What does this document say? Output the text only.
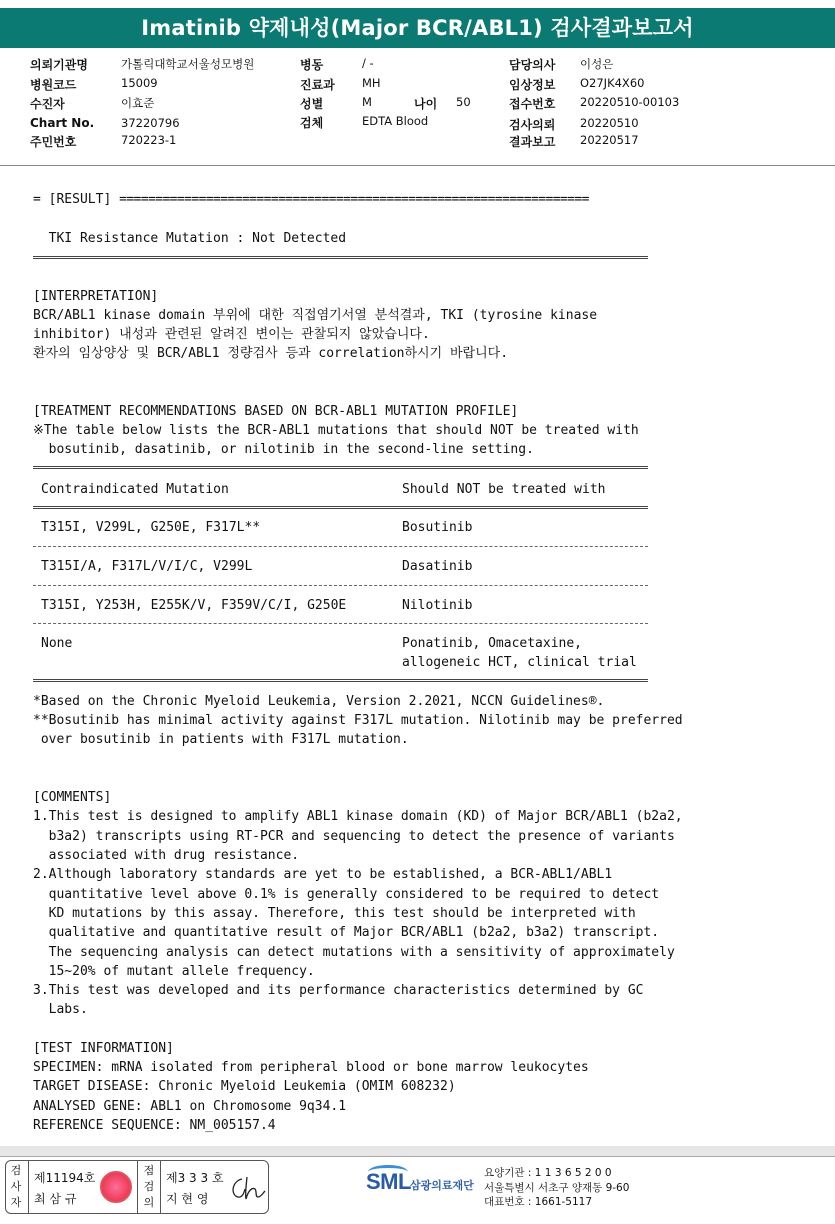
Imatinib 약제내성(Major BCR/ABL1) 검사결과보고서
의뢰기관명	가톨릭대학교서울성모병원
병원코드	15009
수진자	이효준
Chart No. 37220796
주민번호	720223-1
병동	/ -
진료과 MH
성별	M	나이 50
검체	EDTA Blood
담당의사 이성은
임상정보 O27JK4X60
접수번호 20220510-00103
검사의뢰 20220510
결과보고 20220517
= [RESULT] =================================================================
TKI Resistance Mutation : Not Detected
[INTERPRETATION]
BCR/ABL1 kinase domain 부위에 대한 직접염기서열 분석결과, TKI (tyrosine kinase
inhibitor) 내성과 관련된 알려진 변이는 관찰되지 않았습니다.
환자의 임상양상 및 BCR/ABL1 정량검사 등과 correlation하시기 바랍니다.
[TREATMENT RECOMMENDATIONS BASED ON BCR-ABL1 MUTATION PROFILE]
※The table below lists the BCR-ABL1 mutations that should NOT be treated with
bosutinib, dasatinib, or nilotinib in the second-line setting.
Contraindicated Mutation	Should NOT be treated with
T315I, V299L, G250E, F317L**	Bosutinib
T315I/A, F317L/V/I/C, V299L	Dasatinib
T315I, Y253H, E255K/V, F359V/C/I, G250E	Nilotinib
None	Ponatinib, Omacetaxine,
allogeneic HCT, clinical trial
*Based on the Chronic Myeloid Leukemia, Version 2.2021, NCCN Guidelines®.
**Bosutinib has minimal activity against F317L mutation. Nilotinib may be preferred
over bosutinib in patients with F317L mutation.
[COMMENTS]
1.This test is designed to amplify ABL1 kinase domain (KD) of Major BCR/ABL1 (b2a2,
b3a2) transcripts using RT-PCR and sequencing to detect the presence of variants
associated with drug resistance.
2.Although laboratory standards are yet to be established, a BCR-ABL1/ABL1
quantitative level above 0.1% is generally considered to be required to detect
KD mutations by this assay. Therefore, this test should be interpreted with
qualitative and quantitative result of Major BCR/ABL1 (b2a2, b3a2) transcript.
The sequencing analysis can detect mutations with a sensitivity of approximately
15~20% of mutant allele frequency.
3.This test was developed and its performance characteristics determined by GC
Labs.
[TEST INFORMATION]
SPECIMEN: mRNA isolated from peripheral blood or bone marrow leukocytes
TARGET DISEASE: Chronic Myeloid Leukemia (OMIM 608232)
ANALYSED GENE: ABL1 on Chromosome 9q34.1
REFERENCE SEQUENCE: NM_005157.4
검
사
자
제11194호
최 삼 규
점
검
의
제3 3 3 호
지 현 영
SML 삼광의료재단
요양기관 : 1 1 3 6 5 2 0 0
서울특별시 서초구 양재동 9-60
대표번호 : 1661-5117
